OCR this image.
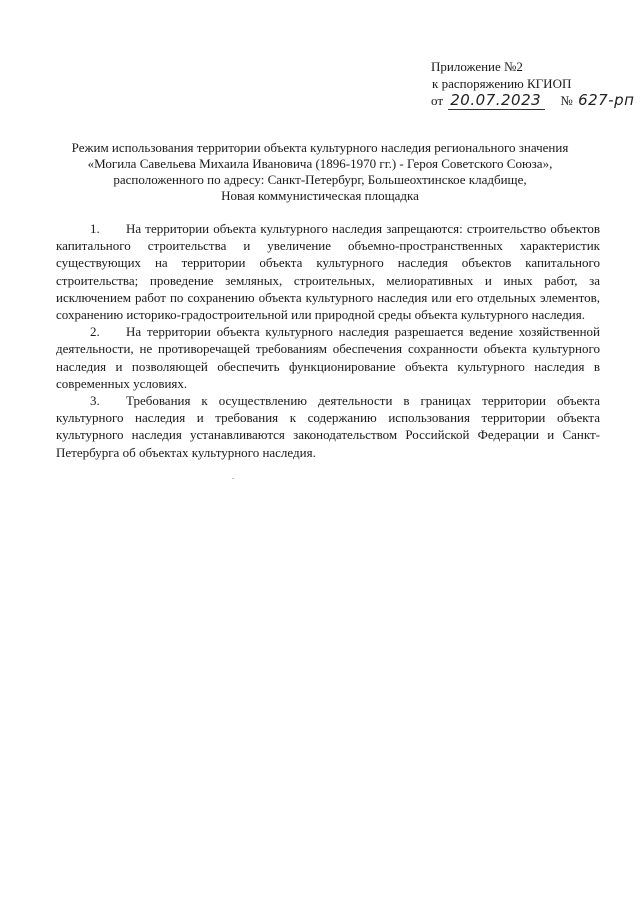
Приложение №2
к распоряжению КГИОП
от 20.07.2023 № 627-рп
Режим использования территории объекта культурного наследия регионального значения
«Могила Савельева Михаила Ивановича (1896-1970 гг.) - Героя Советского Союза»,
расположенного по адресу: Санкт-Петербург, Большеохтинское кладбище,
Новая коммунистическая площадка

1. На территории объекта культурного наследия запрещаются: строительство объектов капитального строительства и увеличение объемно-пространственных характеристик существующих на территории объекта культурного наследия объектов капитального строительства; проведение земляных, строительных, мелиоративных и иных работ, за исключением работ по сохранению объекта культурного наследия или его отдельных элементов, сохранению историко-градостроительной или природной среды объекта культурного наследия.

2. На территории объекта культурного наследия разрешается ведение хозяйственной деятельности, не противоречащей требованиям обеспечения сохранности объекта культурного наследия и позволяющей обеспечить функционирование объекта культурного наследия в современных условиях.

3. Требования к осуществлению деятельности в границах территории объекта культурного наследия и требования к содержанию использования территории объекта культурного наследия устанавливаются законодательством Российской Федерации и Санкт-Петербурга об объектах культурного наследия.
